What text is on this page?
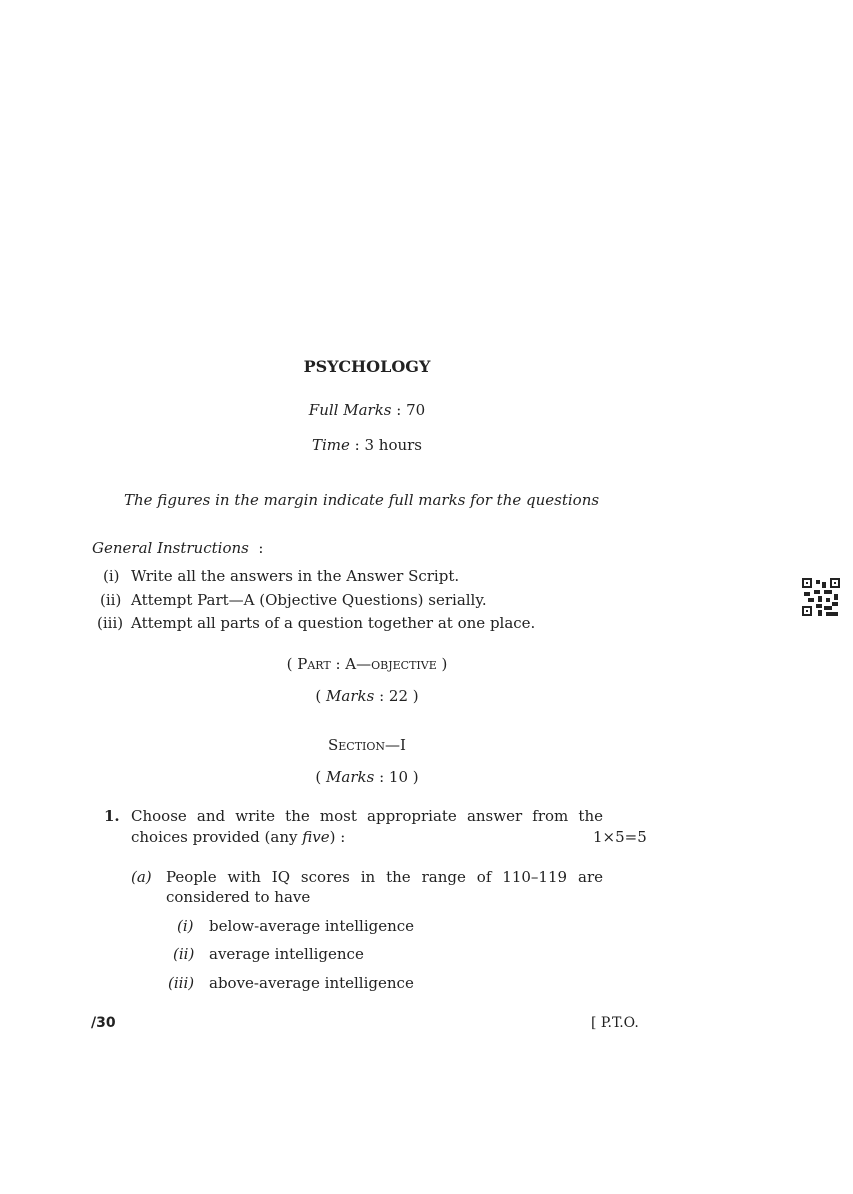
PSYCHOLOGY
Full Marks : 70
Time : 3 hours
The figures in the margin indicate full marks for the questions
General Instructions :
(i) Write all the answers in the Answer Script.
(ii) Attempt Part—A (Objective Questions) serially.
(iii) Attempt all parts of a question together at one place.
( Part : A—objective )
( Marks : 22 )
Section—I
( Marks : 10 )
1. Choose and write the most appropriate answer from the
choices provided (any five) :	1×5=5
(a) People with IQ scores in the range of 110–119 are
considered to have
(i) below-average intelligence
(ii) average intelligence
(iii) above-average intelligence
/30	[ P.T.O.
